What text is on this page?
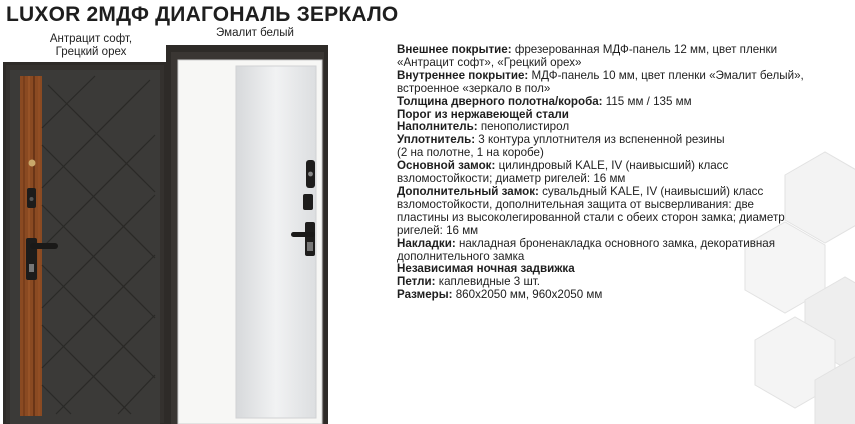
LUXOR 2МДФ ДИАГОНАЛЬ ЗЕРКАЛО
Антрацит софт,
Грецкий орех
Эмалит белый

Внешнее покрытие: фрезерованная МДФ-панель 12 мм, цвет пленки

«Антрацит софт», «Грецкий орех»

Внутреннее покрытие: МДФ-панель 10 мм, цвет пленки «Эмалит белый»,

встроенное «зеркало в пол»

Толщина дверного полотна/короба: 115 мм / 135 мм

Порог из нержавеющей стали

Наполнитель: пенополистирол

Уплотнитель: 3 контура уплотнителя из вспененной резины

(2 на полотне, 1 на коробе)

Основной замок: цилиндровый KALE, IV (наивысший) класс

взломостойкости; диаметр ригелей: 16 мм

Дополнительный замок: сувальдный KALE, IV (наивысший) класс

взломостойкости, дополнительная защита от высверливания: две

пластины из высоколегированной стали с обеих сторон замка; диаметр

ригелей: 16 мм

Накладки: накладная броненакладка основного замка, декоративная

дополнительного замка

Независимая ночная задвижка

Петли: каплевидные 3 шт.

Размеры: 860x2050 мм, 960x2050 мм
